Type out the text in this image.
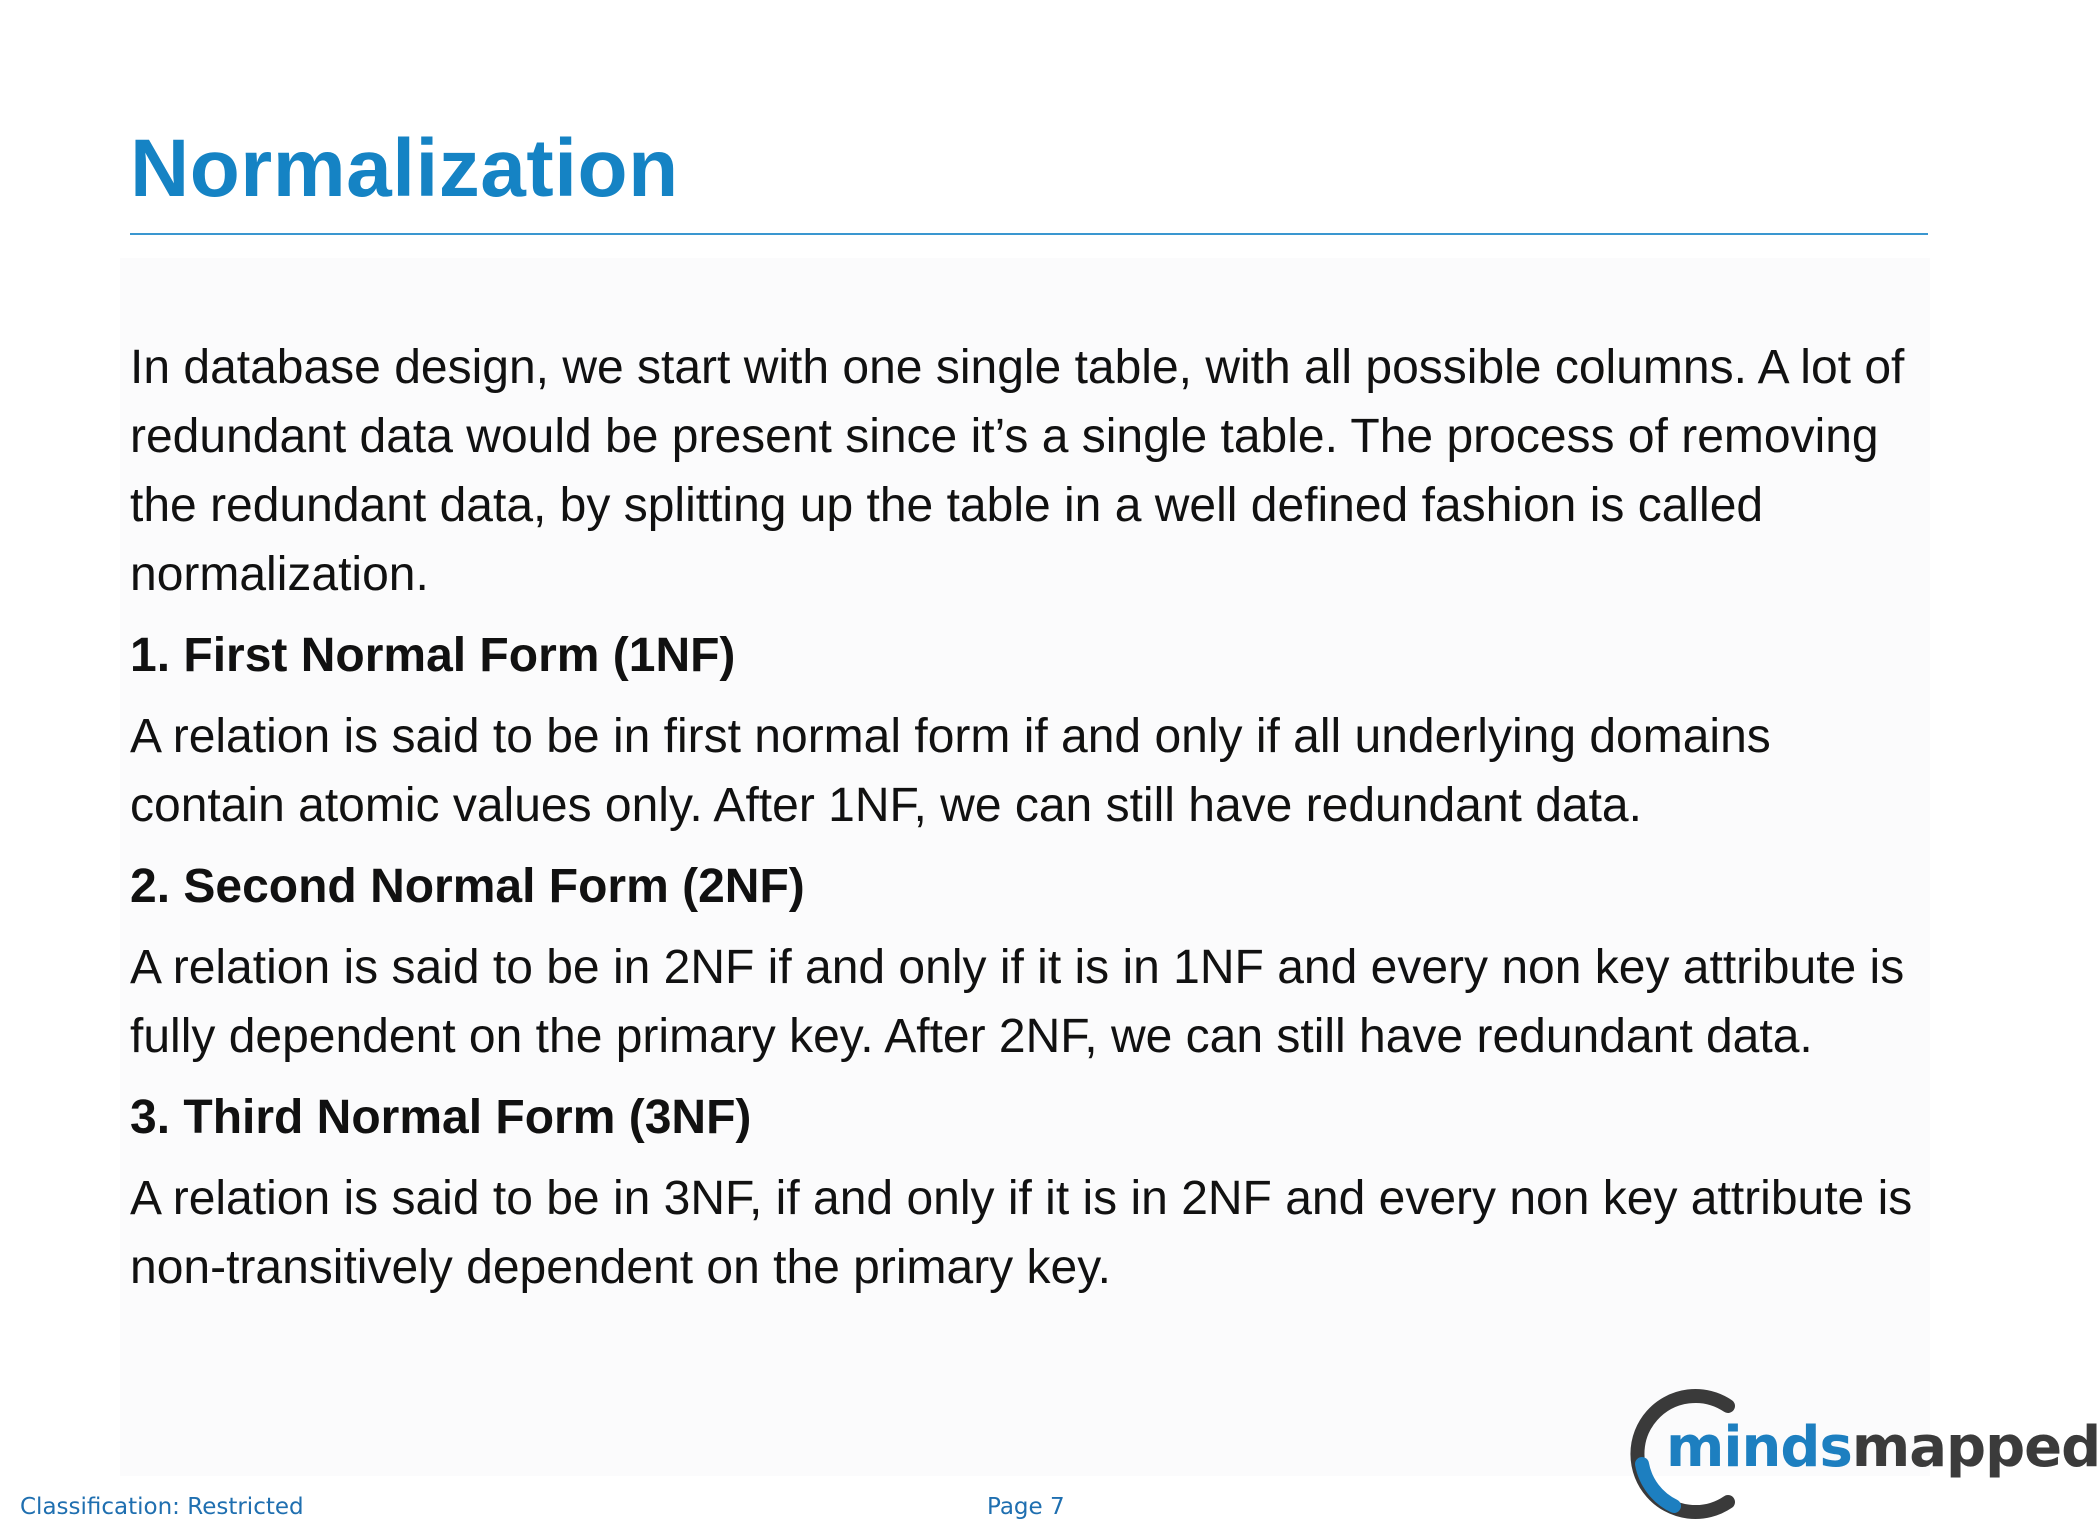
Normalization

In database design, we start with one single table, with all possible columns. A lot of redundant data would be present since it’s a single table. The process of removing the redundant data, by splitting up the table in a well defined fashion is called normalization.

1. First Normal Form (1NF)

A relation is said to be in first normal form if and only if all underlying domains contain atomic values only. After 1NF, we can still have redundant data.

2. Second Normal Form (2NF)

A relation is said to be in 2NF if and only if it is in 1NF and every non key attribute is fully dependent on the primary key. After 2NF, we can still have redundant data.

3. Third Normal Form (3NF)

A relation is said to be in 3NF, if and only if it is in 2NF and every non key attribute is non-transitively dependent on the primary key.

Classification: Restricted	Page 7
mindsmapped
